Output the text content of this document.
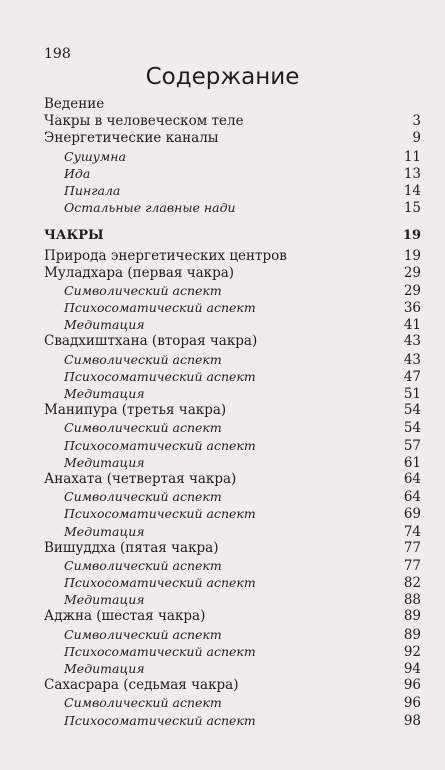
198
Содержание
Ведение
Чакры в человеческом теле	3
Энергетические каналы	9
Сушумна	11
Ида	13
Пингала	14
Остальные главные нади	15
ЧАКРЫ	19
Природа энергетических центров	19
Муладхара (первая чакра)	29
Символический аспект	29
Психосоматический аспект	36
Медитация	41
Свадхиштхана (вторая чакра)	43
Символический аспект	43
Психосоматический аспект	47
Медитация	51
Манипура (третья чакра)	54
Символический аспект	54
Психосоматический аспект	57
Медитация	61
Анахата (четвертая чакра)	64
Символический аспект	64
Психосоматический аспект	69
Медитация	74
Вишуддха (пятая чакра)	77
Символический аспект	77
Психосоматический аспект	82
Медитация	88
Аджна (шестая чакра)	89
Символический аспект	89
Психосоматический аспект	92
Медитация	94
Сахасрара (седьмая чакра)	96
Символический аспект	96
Психосоматический аспект	98
